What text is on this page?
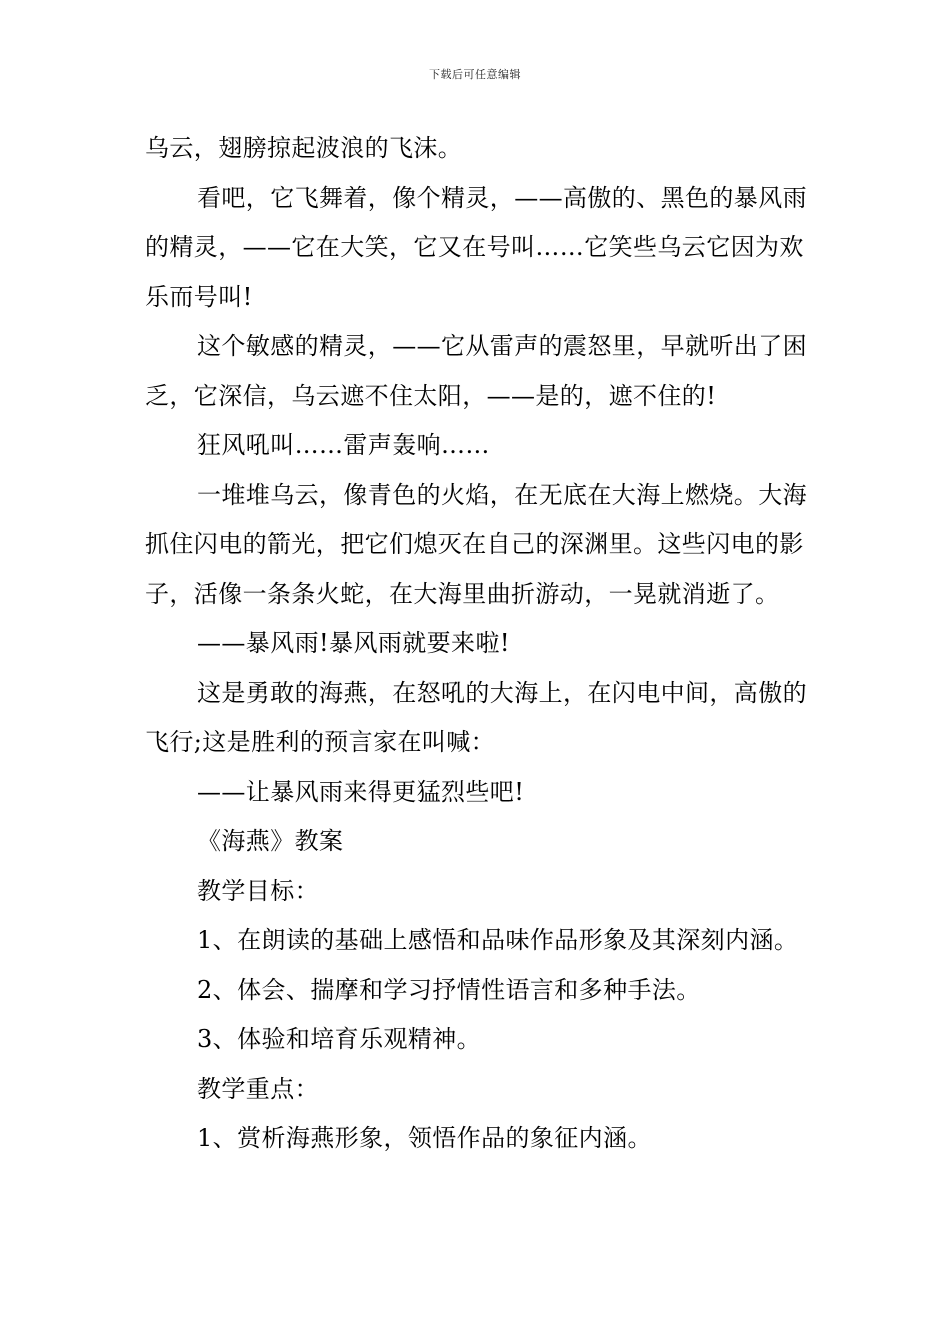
下载后可任意编辑

乌云，翅膀掠起波浪的飞沫。

看吧，它飞舞着，像个精灵，——高傲的、黑色的暴风雨的精灵，——它在大笑，它又在号叫……它笑些乌云它因为欢乐而号叫!

这个敏感的精灵，——它从雷声的震怒里，早就听出了困乏，它深信，乌云遮不住太阳，——是的，遮不住的!

狂风吼叫……雷声轰响……

一堆堆乌云，像青色的火焰，在无底在大海上燃烧。大海抓住闪电的箭光，把它们熄灭在自己的深渊里。这些闪电的影子，活像一条条火蛇，在大海里曲折游动，一晃就消逝了。

——暴风雨!暴风雨就要来啦!

这是勇敢的海燕，在怒吼的大海上，在闪电中间，高傲的飞行;这是胜利的预言家在叫喊：

——让暴风雨来得更猛烈些吧!

《海燕》教案

教学目标：

1、在朗读的基础上感悟和品味作品形象及其深刻内涵。

2、体会、揣摩和学习抒情性语言和多种手法。

3、体验和培育乐观精神。

教学重点：

1、赏析海燕形象，领悟作品的象征内涵。
